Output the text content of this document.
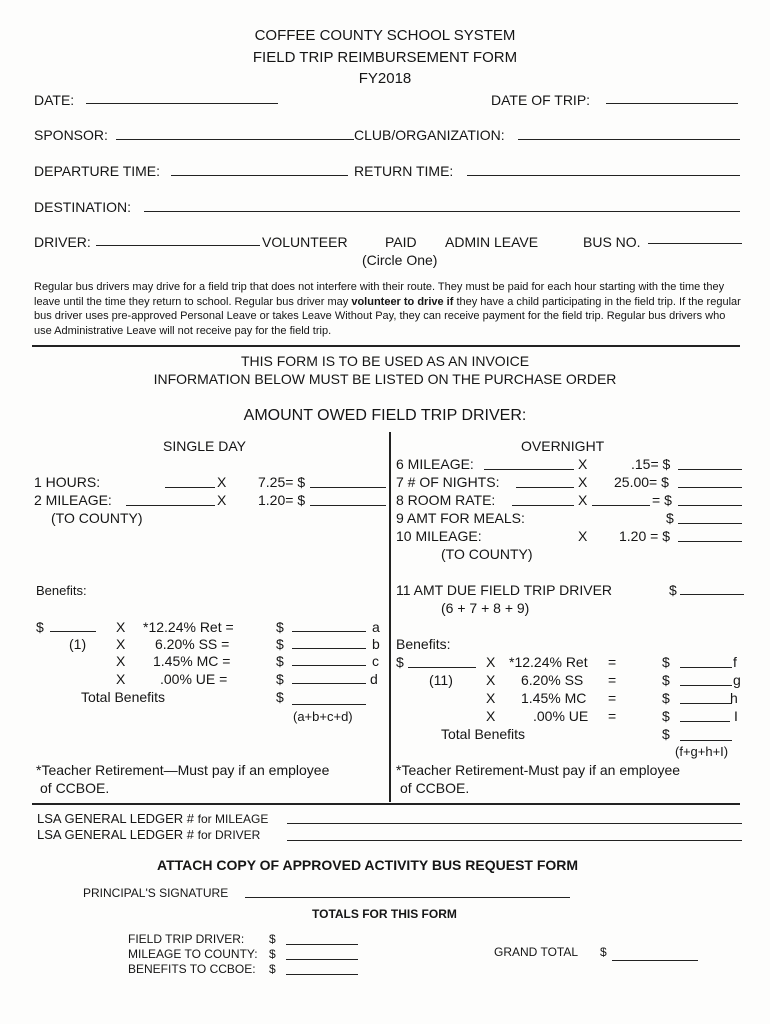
COFFEE COUNTY SCHOOL SYSTEM
FIELD TRIP REIMBURSEMENT FORM
FY2018
DATE:	DATE OF TRIP:
SPONSOR:	CLUB/ORGANIZATION:
DEPARTURE TIME:	RETURN TIME:
DESTINATION:
DRIVER:	VOLUNTEER	PAID ADMIN LEAVE	BUS NO.
(Circle One)
Regular bus drivers may drive for a field trip that does not interfere with their route. They must be paid for each hour starting with the time they leave until the time they return to school. Regular bus driver may volunteer to drive if they have a child participating in the field trip. If the regular bus driver uses pre-approved Personal Leave or takes Leave Without Pay, they can receive payment for the field trip. Regular bus drivers who use Administrative Leave will not receive pay for the field trip.
THIS FORM IS TO BE USED AS AN INVOICE
INFORMATION BELOW MUST BE LISTED ON THE PURCHASE ORDER
AMOUNT OWED FIELD TRIP DRIVER:
SINGLE DAY
1 HOURS:	X 7.25= $
2 MILEAGE:	X 1.20= $
(TO COUNTY)
Benefits:
$
(1)
X *12.24% Ret =	$	a
X 6.20% SS =	$	b
X 1.45% MC =	$	c
X .00% UE =	$	d
Total Benefits	$
(a+b+c+d)
*Teacher Retirement—Must pay if an employee
of CCBOE.
OVERNIGHT
6 MILEAGE:	X	.15= $
7 # OF NIGHTS:	X 25.00= $
8 ROOM RATE:	X	= $
9 AMT FOR MEALS:	$
10 MILEAGE:	X 1.20 = $
(TO COUNTY)
11 AMT DUE FIELD TRIP DRIVER	$
(6 + 7 + 8 + 9)
Benefits:
$
(11)
X *12.24% Ret =	$	f
X 6.20% SS =	$	g
X 1.45% MC =	$	h
X	.00% UE =	$	I
Total Benefits	$
(f+g+h+I)
*Teacher Retirement-Must pay if an employee
of CCBOE.
LSA GENERAL LEDGER # for MILEAGE
LSA GENERAL LEDGER # for DRIVER
ATTACH COPY OF APPROVED ACTIVITY BUS REQUEST FORM
PRINCIPAL'S SIGNATURE
TOTALS FOR THIS FORM
FIELD TRIP DRIVER: $
MILEAGE TO COUNTY: $
BENEFITS TO CCBOE: $
GRAND TOTAL $
